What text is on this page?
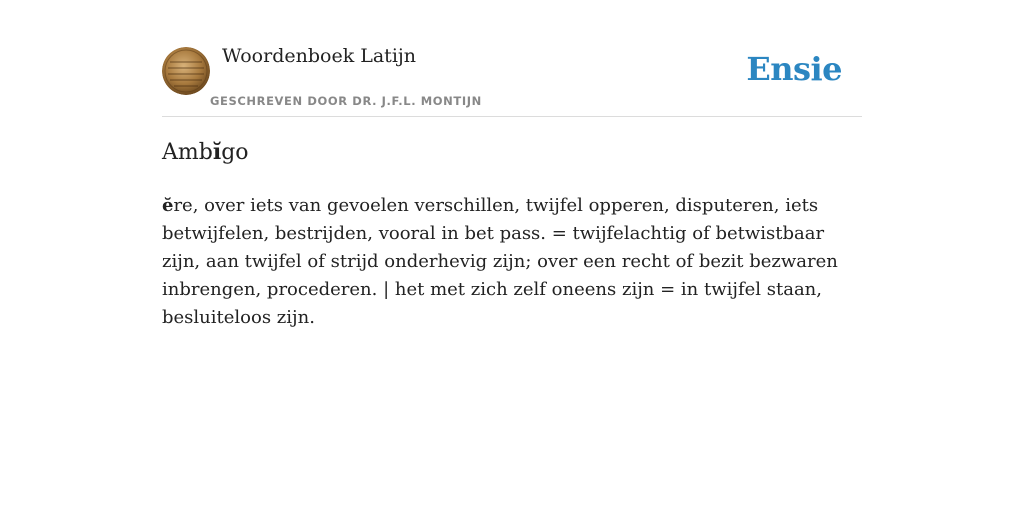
Woordenboek Latijn
GESCHREVEN DOOR DR. J.F.L. MONTIJN
Ensie
Ambĭgo
ĕre, over iets van gevoelen verschillen, twijfel opperen, disputeren, iets betwijfelen, bestrijden, vooral in bet pass. = twijfelachtig of betwistbaar zijn, aan twijfel of strijd onderhevig zijn; over een recht of bezit bezwaren inbrengen, procederen. | het met zich zelf oneens zijn = in twijfel staan, besluiteloos zijn.
